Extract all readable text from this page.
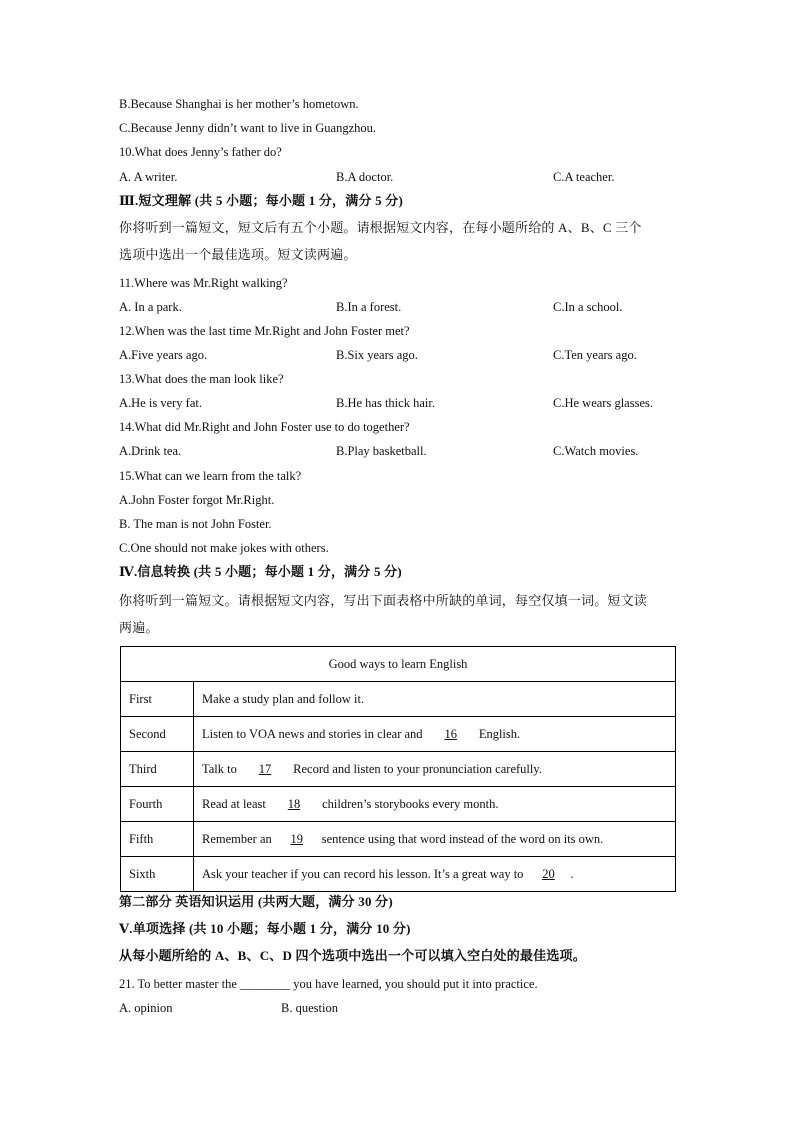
B.Because Shanghai is her mother’s hometown.
C.Because Jenny didn’t want to live in Guangzhou.
10.What does Jenny’s father do?
A. A writer.	B.A doctor.	C.A teacher.
Ⅲ.短文理解 (共 5 小题；每小题 1 分，满分 5 分)
你将听到一篇短文，短文后有五个小题。请根据短文内容，在每小题所给的 A、B、C 三个
选项中选出一个最佳选项。短文读两遍。
11.Where was Mr.Right walking?
A. In a park.	B.In a forest.	C.In a school.
12.When was the last time Mr.Right and John Foster met?
A.Five years ago.	B.Six years ago.	C.Ten years ago.
13.What does the man look like?
A.He is very fat.	B.He has thick hair.	C.He wears glasses.
14.What did Mr.Right and John Foster use to do together?
A.Drink tea.	B.Play basketball.	C.Watch movies.
15.What can we learn from the talk?
A.John Foster forgot Mr.Right.
B. The man is not John Foster.
C.One should not make jokes with others.
Ⅳ.信息转换 (共 5 小题；每小题 1 分，满分 5 分)
你将听到一篇短文。请根据短文内容，写出下面表格中所缺的单词，每空仅填一词。短文读
两遍。
Good ways to learn English	
First	Make a study plan and follow it.
Second	Listen to VOA news and stories in clear and       16       English.
Third	Talk to       17       Record and listen to your pronunciation carefully.
Fourth	Read at least       18       children’s storybooks every month.
Fifth	Remember an      19      sentence using that word instead of the word on its own.
Sixth	Ask your teacher if you can record his lesson. It’s a great way to      20 .
第二部分 英语知识运用 (共两大题，满分 30 分)
Ⅴ.单项选择 (共 10 小题；每小题 1 分，满分 10 分)
从每小题所给的 A、B、C、D 四个选项中选出一个可以填入空白处的最佳选项。
21. To better master the ________ you have learned, you should put it into practice.
A. opinion	B. question
